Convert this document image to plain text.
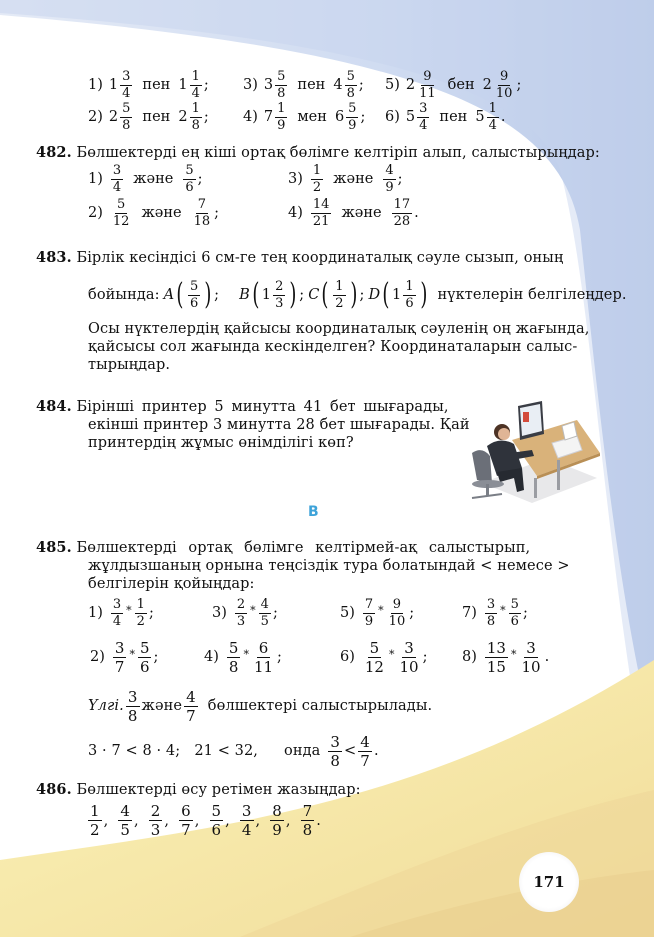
1) $1 \frac{3}{4}$ пен $1 \frac{1}{4}$ ; 3) $3 \frac{5}{8}$ пен $4 \frac{5}{8}$ ; 5) $2 \frac{9}{11}$ бен $2 \frac{9}{10}$ ;
2) $2 \frac{5}{8}$ пен $2 \frac{1}{8}$ ; 4) $7 \frac{1}{9}$ мен $6 \frac{5}{9}$ ; 6) $5 \frac{3}{4}$ пен $5 \frac{1}{4}$ .
482. Бөлшектерді ең кіші ортақ бөлімге келтіріп алып, салыстырыңдар:
$1) \frac{3}{4}$ және $\frac{5}{6}$ ;	$3) \frac{1}{2}$ және $\frac{4}{9}$ ;
$2) \frac{5}{12}$ және $\frac{7}{18}$ ;	$4) \frac{14}{21}$ және $\frac{17}{28}$ .
483. Бірлік кесіндісі 6 см-ге тең координаталық сәуле сызып, оның
бойында: A ( $\frac{5}{6}$ ) ; B ( $1 \frac{2}{3}$ ) ; C ( $\frac{1}{2}$ ) ; D ( $1 \frac{1}{6}$ ) нүктелерін белгілеңдер.
Осы нүктелердің қайсысы координаталық сәуленің оң жағында,
қайсысы сол жағында кескінделген? Координаталарын салыс-
тырыңдар.
484. Бірінші принтер 5 минутта 41 бет шығарады,
екінші принтер 3 минутта 28 бет шығарады. Қай
принтердің жұмыс өнімділігі көп?
B
485. Бөлшектерді ортақ бөлімге келтірмей-ақ салыстырып,
жұлдызшаның орнына теңсіздік тура болатындай < немесе >
белгілерін қойыңдар:
$1) \frac{3}{4} * \frac{1}{2}$ ;	$3) \frac{2}{3} * \frac{4}{5}$ ;	$5) \frac{7}{9} * \frac{9}{10}$ ;	$7) \frac{3}{8} * \frac{5}{6}$ ;
$2) \frac{3}{7} * \frac{5}{6}$ ;	$4) \frac{5}{8} * \frac{6}{11}$ ;	$6) \frac{5}{12} * \frac{3}{10}$ ; $8) \frac{13}{15} * \frac{3}{10}$ .
Үлгі. $\frac{3}{8}$ және $\frac{4}{7}$ бөлшектері салыстырылады.
3 · 7 < 8 · 4;   21 < 32, онда $\frac{3}{8} < \frac{4}{7}$ .
486. Бөлшектерді өсу ретімен жазыңдар:
$\frac{1}{2}$ , $\frac{4}{5}$ , $\frac{2}{3}$ , $\frac{6}{7}$ , $\frac{5}{6}$ , $\frac{3}{4}$ , $\frac{8}{9}$ , $\frac{7}{8}$ .
171
